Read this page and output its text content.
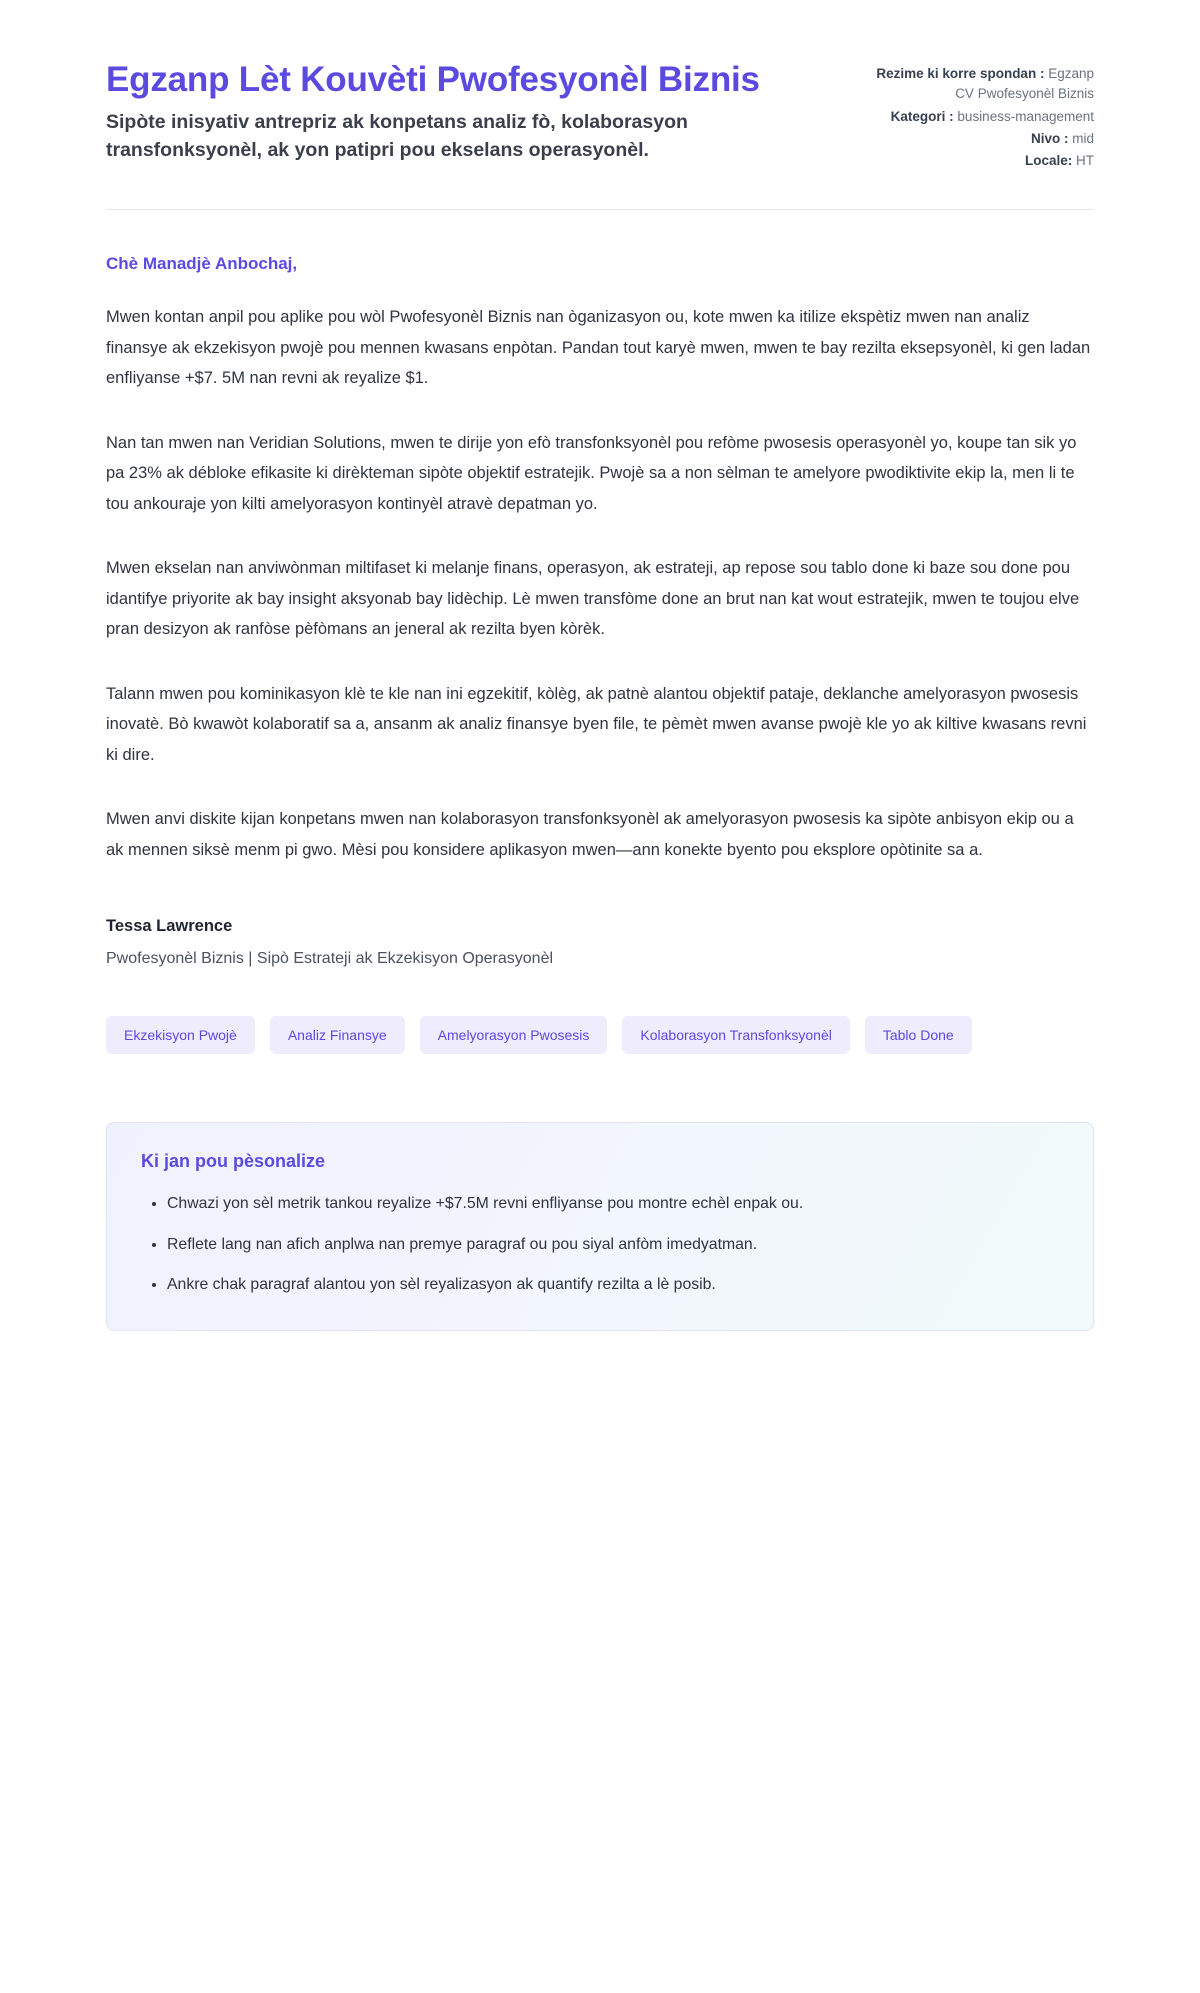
Egzanp Lèt Kouvèti Pwofesyonèl Biznis

Sipòte inisyativ antrepriz ak konpetans analiz fò, kolaborasyon transfonksyonèl, ak yon patipri pou ekselans operasyonèl.

Rezime ki korre spondan : Egzanp CV Pwofesyonèl Biznis
Kategori : business-management
Nivo : mid
Locale: HT

Chè Manadjè Anbochaj,

Mwen kontan anpil pou aplike pou wòl Pwofesyonèl Biznis nan òganizasyon ou, kote mwen ka itilize ekspètiz mwen nan analiz finansye ak ekzekisyon pwojè pou mennen kwasans enpòtan. Pandan tout karyè mwen, mwen te bay rezilta eksepsyonèl, ki gen ladan enfliyanse +$7. 5M nan revni ak reyalize $1.

Nan tan mwen nan Veridian Solutions, mwen te dirije yon efò transfonksyonèl pou refòme pwosesis operasyonèl yo, koupe tan sik yo pa 23% ak débloke efikasite ki dirèkteman sipòte objektif estratejik. Pwojè sa a non sèlman te amelyore pwodiktivite ekip la, men li te tou ankouraje yon kilti amelyorasyon kontinyèl atravè depatman yo.

Mwen ekselan nan anviwònman miltifaset ki melanje finans, operasyon, ak estrateji, ap repose sou tablo done ki baze sou done pou idantifye priyorite ak bay insight aksyonab bay lidèchip. Lè mwen transfòme done an brut nan kat wout estratejik, mwen te toujou elve pran desizyon ak ranfòse pèfòmans an jeneral ak rezilta byen kòrèk.

Talann mwen pou kominikasyon klè te kle nan ini egzekitif, kòlèg, ak patnè alantou objektif pataje, deklanche amelyorasyon pwosesis inovatè. Bò kwawòt kolaboratif sa a, ansanm ak analiz finansye byen file, te pèmèt mwen avanse pwojè kle yo ak kiltive kwasans revni ki dire.

Mwen anvi diskite kijan konpetans mwen nan kolaborasyon transfonksyonèl ak amelyorasyon pwosesis ka sipòte anbisyon ekip ou a ak mennen siksè menm pi gwo. Mèsi pou konsidere aplikasyon mwen—ann konekte byento pou eksplore opòtinite sa a.

Tessa Lawrence

Pwofesyonèl Biznis | Sipò Estrateji ak Ekzekisyon Operasyonèl

Ekzekisyon Pwojè	Analiz Finansye	Amelyorasyon Pwosesis	Kolaborasyon Transfonksyonèl	Tablo Done
Ki jan pou pèsonalize
• Chwazi yon sèl metrik tankou reyalize +$7.5M revni enfliyanse pou montre echèl enpak ou.
• Reflete lang nan afich anplwa nan premye paragraf ou pou siyal anfòm imedyatman.
• Ankre chak paragraf alantou yon sèl reyalizasyon ak quantify rezilta a lè posib.
